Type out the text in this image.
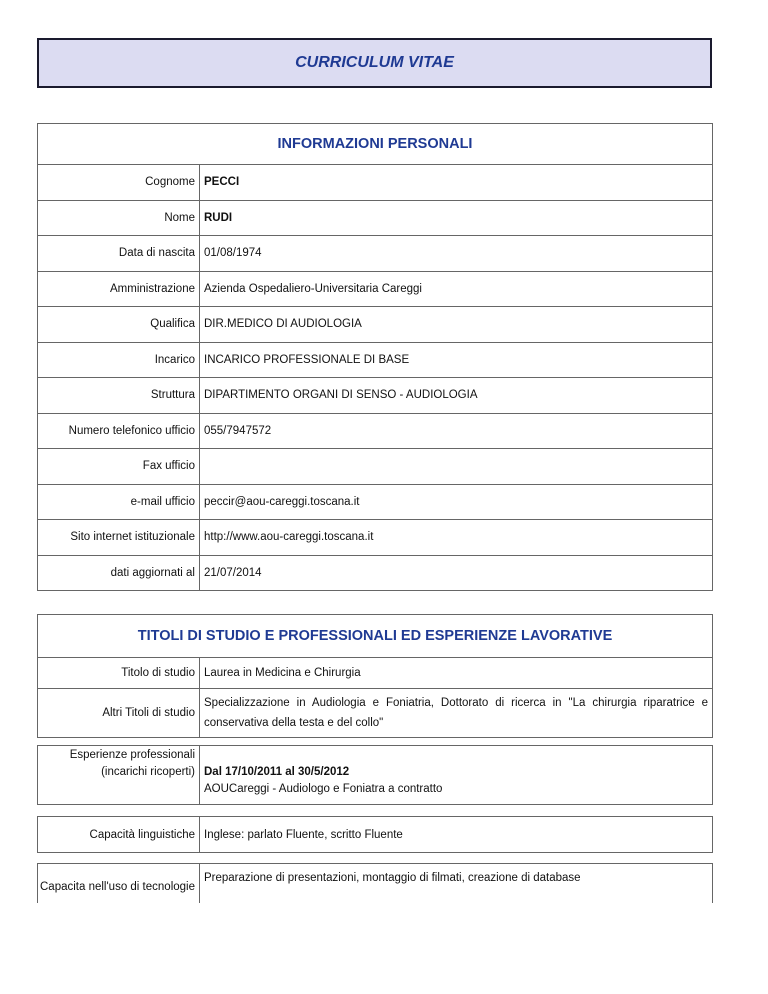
CURRICULUM VITAE
INFORMAZIONI PERSONALI
Cognome PECCI
Nome RUDI
Data di nascita 01/08/1974
Amministrazione Azienda Ospedaliero-Universitaria Careggi
Qualifica DIR.MEDICO DI AUDIOLOGIA
Incarico INCARICO PROFESSIONALE DI BASE
Struttura DIPARTIMENTO ORGANI DI SENSO - AUDIOLOGIA
Numero telefonico ufficio 055/7947572
Fax ufficio
e-mail ufficio peccir@aou-careggi.toscana.it
Sito internet istituzionale http://www.aou-careggi.toscana.it
dati aggiornati al 21/07/2014
TITOLI DI STUDIO E PROFESSIONALI ED ESPERIENZE LAVORATIVE
Titolo di studio Laurea in Medicina e Chirurgia
Altri Titoli di studio
Specializzazione in Audiologia e Foniatria, Dottorato di ricerca in "La chirurgia riparatrice e conservativa della testa e del collo"
Esperienze professionali
(incarichi ricoperti) Dal 17/10/2011 al 30/5/2012
AOUCareggi - Audiologo e Foniatra a contratto
Capacità linguistiche Inglese: parlato Fluente, scritto Fluente
Capacita nell'uso di tecnologie
Preparazione di presentazioni, montaggio di filmati, creazione di database
